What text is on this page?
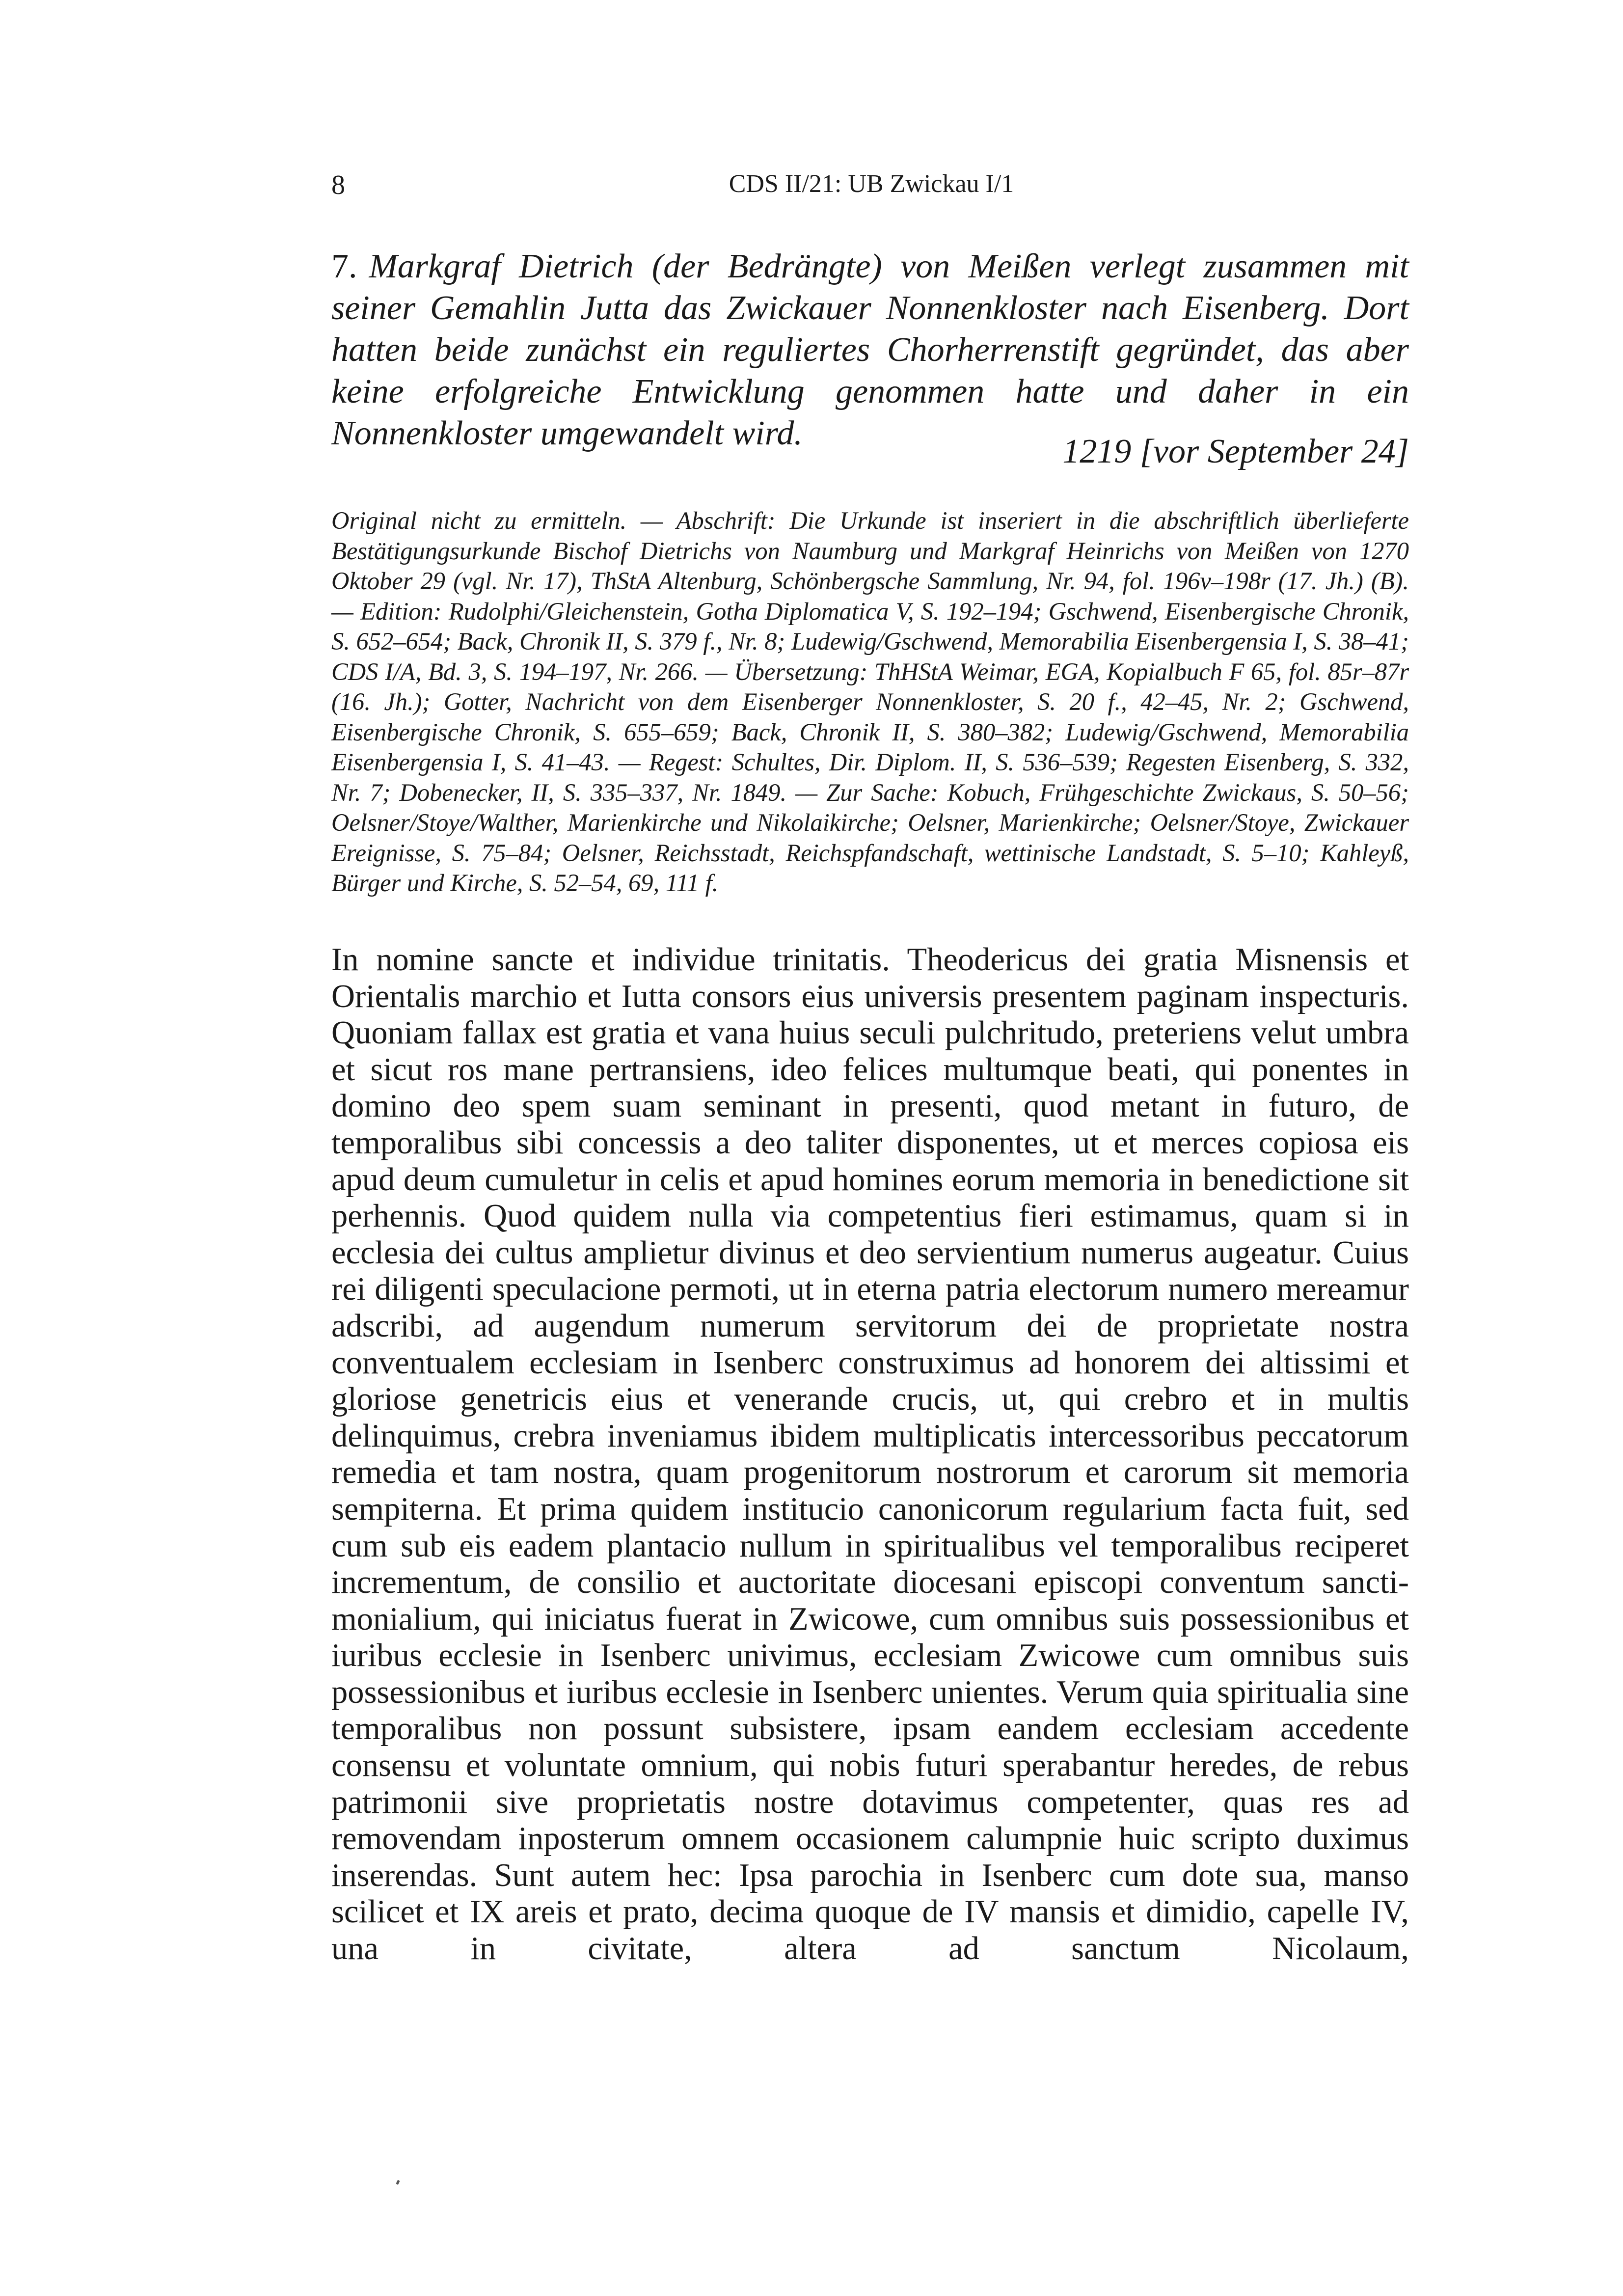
8	CDS II/21: UB Zwickau I/1
7. Markgraf Dietrich (der Bedrängte) von Meißen verlegt zusammen mit seiner Gemahlin Jutta das Zwickauer Nonnenkloster nach Eisenberg. Dort hatten beide zunächst ein reguliertes Chorherrenstift gegründet, das aber keine erfolgreiche Entwicklung genommen hatte und daher in ein Nonnenkloster umgewandelt wird.	1219 [vor September 24]
Original nicht zu ermitteln. — Abschrift: Die Urkunde ist inseriert in die abschriftlich überlieferte Bestätigungsurkunde Bischof Dietrichs von Naumburg und Markgraf Heinrichs von Meißen von 1270 Oktober 29 (vgl. Nr. 17), ThStA Altenburg, Schönbergsche Sammlung, Nr. 94, fol. 196v–198r (17. Jh.) (B). — Edition: Rudolphi/Gleichenstein, Gotha Diplomatica V, S. 192–194; Gschwend, Eisenbergische Chronik, S. 652–654; Back, Chronik II, S. 379 f., Nr. 8; Ludewig/Gschwend, Memorabilia Eisenbergensia I, S. 38–41; CDS I/A, Bd. 3, S. 194–197, Nr. 266. — Übersetzung: ThHStA Weimar, EGA, Kopialbuch F 65, fol. 85r–87r (16. Jh.); Gotter, Nachricht von dem Eisenberger Nonnenkloster, S. 20 f., 42–45, Nr. 2; Gschwend, Eisenbergische Chronik, S. 655–659; Back, Chronik II, S. 380–382; Ludewig/Gschwend, Memorabilia Eisenbergensia I, S. 41–43. — Regest: Schultes, Dir. Diplom. II, S. 536–539; Regesten Eisenberg, S. 332, Nr. 7; Dobenecker, II, S. 335–337, Nr. 1849. — Zur Sache: Kobuch, Frühgeschichte Zwickaus, S. 50–56; Oelsner/Stoye/Walther, Marienkirche und Nikolaikirche; Oelsner, Marienkirche; Oelsner/Stoye, Zwickauer Ereignisse, S. 75–84; Oelsner, Reichsstadt, Reichspfandschaft, wettinische Landstadt, S. 5–10; Kahleyß, Bürger und Kirche, S. 52–54, 69, 111 f.
In nomine sancte et individue trinitatis. Theodericus dei gratia Misnensis et Orientalis marchio et Iutta consors eius universis presentem paginam inspecturis. Quoniam fallax est gratia et vana huius seculi pulchritudo, preteriens velut umbra et sicut ros mane pertransiens, ideo felices multumque beati, qui ponentes in domino deo spem suam seminant in presenti, quod metant in futuro, de temporalibus sibi concessis a deo taliter disponentes, ut et merces copiosa eis apud deum cumuletur in celis et apud homines eorum memoria in benedictione sit perhennis. Quod quidem nulla via competentius fieri estimamus, quam si in ecclesia dei cultus amplietur divinus et deo servientium numerus augeatur. Cuius rei diligenti speculacione permoti, ut in eterna patria electorum numero mereamur adscribi, ad augendum numerum servitorum dei de proprietate nostra conventualem ecclesiam in Isenberc construximus ad honorem dei altissimi et gloriose genetricis eius et venerande crucis, ut, qui crebro et in multis delinquimus, crebra inveniamus ibidem multiplicatis intercessoribus peccatorum remedia et tam nostra, quam progenitorum nostrorum et carorum sit memoria sempiterna. Et prima quidem institucio canonicorum regularium facta fuit, sed cum sub eis eadem plantacio nullum in spiritualibus vel temporalibus reciperet incrementum, de consilio et auctoritate diocesani episcopi conventum sanctimonialium, qui iniciatus fuerat in Zwicowe, cum omnibus suis possessionibus et iuribus ecclesie in Isenberc univimus, ecclesiam Zwicowe cum omnibus suis possessionibus et iuribus ecclesie in Isenberc unientes. Verum quia spiritualia sine temporalibus non possunt subsistere, ipsam eandem ecclesiam accedente consensu et voluntate omnium, qui nobis futuri sperabantur heredes, de rebus patrimonii sive proprietatis nostre dotavimus competenter, quas res ad removendam inposterum omnem occasionem calumpnie huic scripto duximus inserendas. Sunt autem hec: Ipsa parochia in Isenberc cum dote sua, manso scilicet et IX areis et prato, decima quoque de IV mansis et dimidio, capelle IV, una in civitate, altera ad sanctum Nicolaum,
